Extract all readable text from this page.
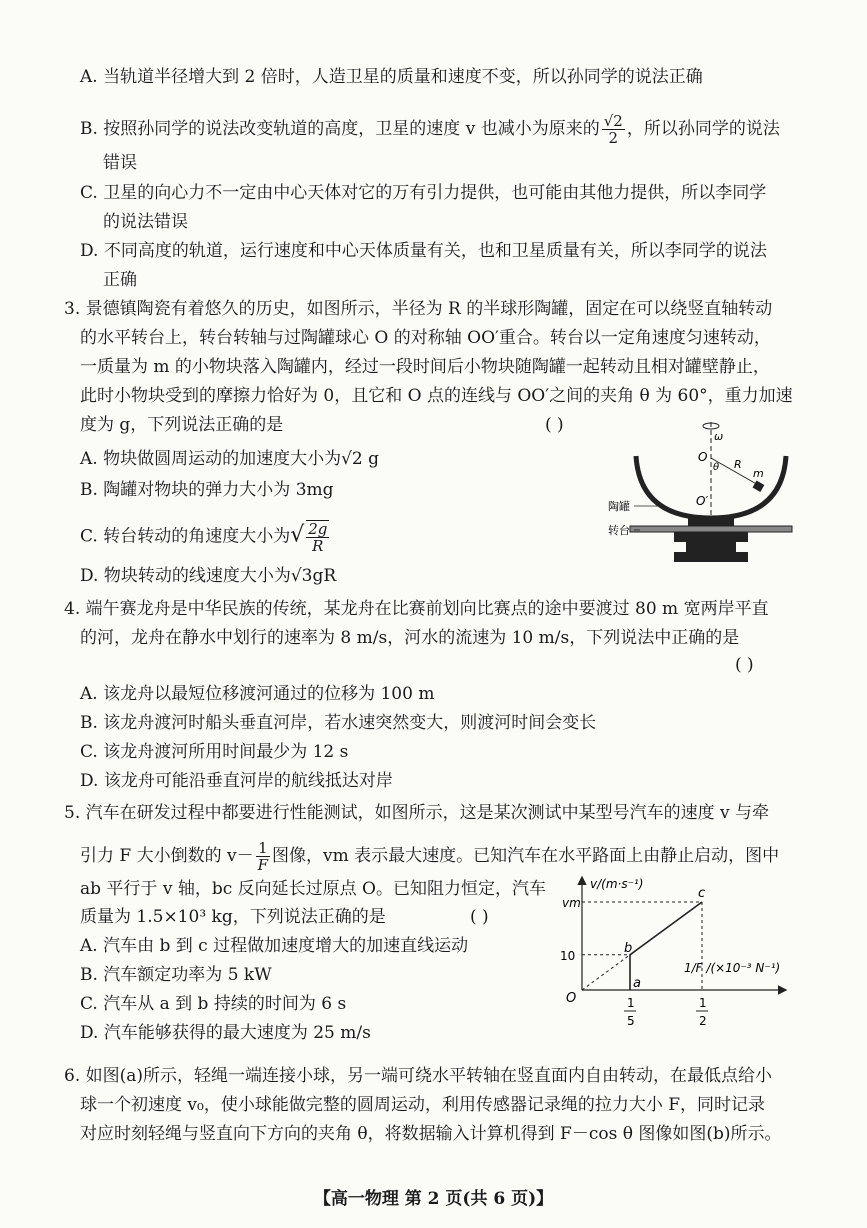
A. 当轨道半径增大到 2 倍时，人造卫星的质量和速度不变，所以孙同学的说法正确
B. 按照孙同学的说法改变轨道的高度，卫星的速度 v 也减小为原来的 $\frac{√2}{2}$ ，所以孙同学的说法
错误
C. 卫星的向心力不一定由中心天体对它的万有引力提供，也可能由其他力提供，所以李同学
的说法错误
D. 不同高度的轨道，运行速度和中心天体质量有关，也和卫星质量有关，所以李同学的说法
正确
3. 景德镇陶瓷有着悠久的历史，如图所示，半径为 R 的半球形陶罐，固定在可以绕竖直轴转动
的水平转台上，转台转轴与过陶罐球心 O 的对称轴 OO′重合。转台以一定角速度匀速转动，
一质量为 m 的小物块落入陶罐内，经过一段时间后小物块随陶罐一起转动且相对罐壁静止，
此时小物块受到的摩擦力恰好为 0，且它和 O 点的连线与 OO′之间的夹角 θ 为 60°，重力加速
度为 g，下列说法正确的是	( )
A. 物块做圆周运动的加速度大小为√2 g
B. 陶罐对物块的弹力大小为 3mg
C. 转台转动的角速度大小为√ $\frac{2g}{R}$
D. 物块转动的线速度大小为√3gR
ω
O
θ R
m
O′
陶罐
转台
4. 端午赛龙舟是中华民族的传统，某龙舟在比赛前划向比赛点的途中要渡过 80 m 宽两岸平直
的河，龙舟在静水中划行的速率为 8 m/s，河水的流速为 10 m/s，下列说法中正确的是
( )
A. 该龙舟以最短位移渡河通过的位移为 100 m
B. 该龙舟渡河时船头垂直河岸，若水速突然变大，则渡河时间会变长
C. 该龙舟渡河所用时间最少为 12 s
D. 该龙舟可能沿垂直河岸的航线抵达对岸
5. 汽车在研发过程中都要进行性能测试，如图所示，这是某次测试中某型号汽车的速度 v 与牵
引力 F 大小倒数的 $v- \frac{1}{F}$ 图像，vm 表示最大速度。已知汽车在水平路面上由静止启动，图中
ab 平行于 v 轴，bc 反向延长过原点 O。已知阻力恒定，汽车
质量为 1.5×10³ kg，下列说法正确的是	( )
A. 汽车由 b 到 c 过程做加速度增大的加速直线运动
B. 汽车额定功率为 5 kW
C. 汽车从 a 到 b 持续的时间为 6 s
D. 汽车能够获得的最大速度为 25 m/s
v/(m·s⁻¹)
1/F /(×10⁻³ N⁻¹)
O
a
b
c
10
vm
1
5
1
2
6. 如图(a)所示，轻绳一端连接小球，另一端可绕水平转轴在竖直面内自由转动，在最低点给小
球一个初速度 v₀，使小球能做完整的圆周运动，利用传感器记录绳的拉力大小 F，同时记录
对应时刻轻绳与竖直向下方向的夹角 θ，将数据输入计算机得到 F－cos θ 图像如图(b)所示。
【高一物理 第 2 页(共 6 页)】
